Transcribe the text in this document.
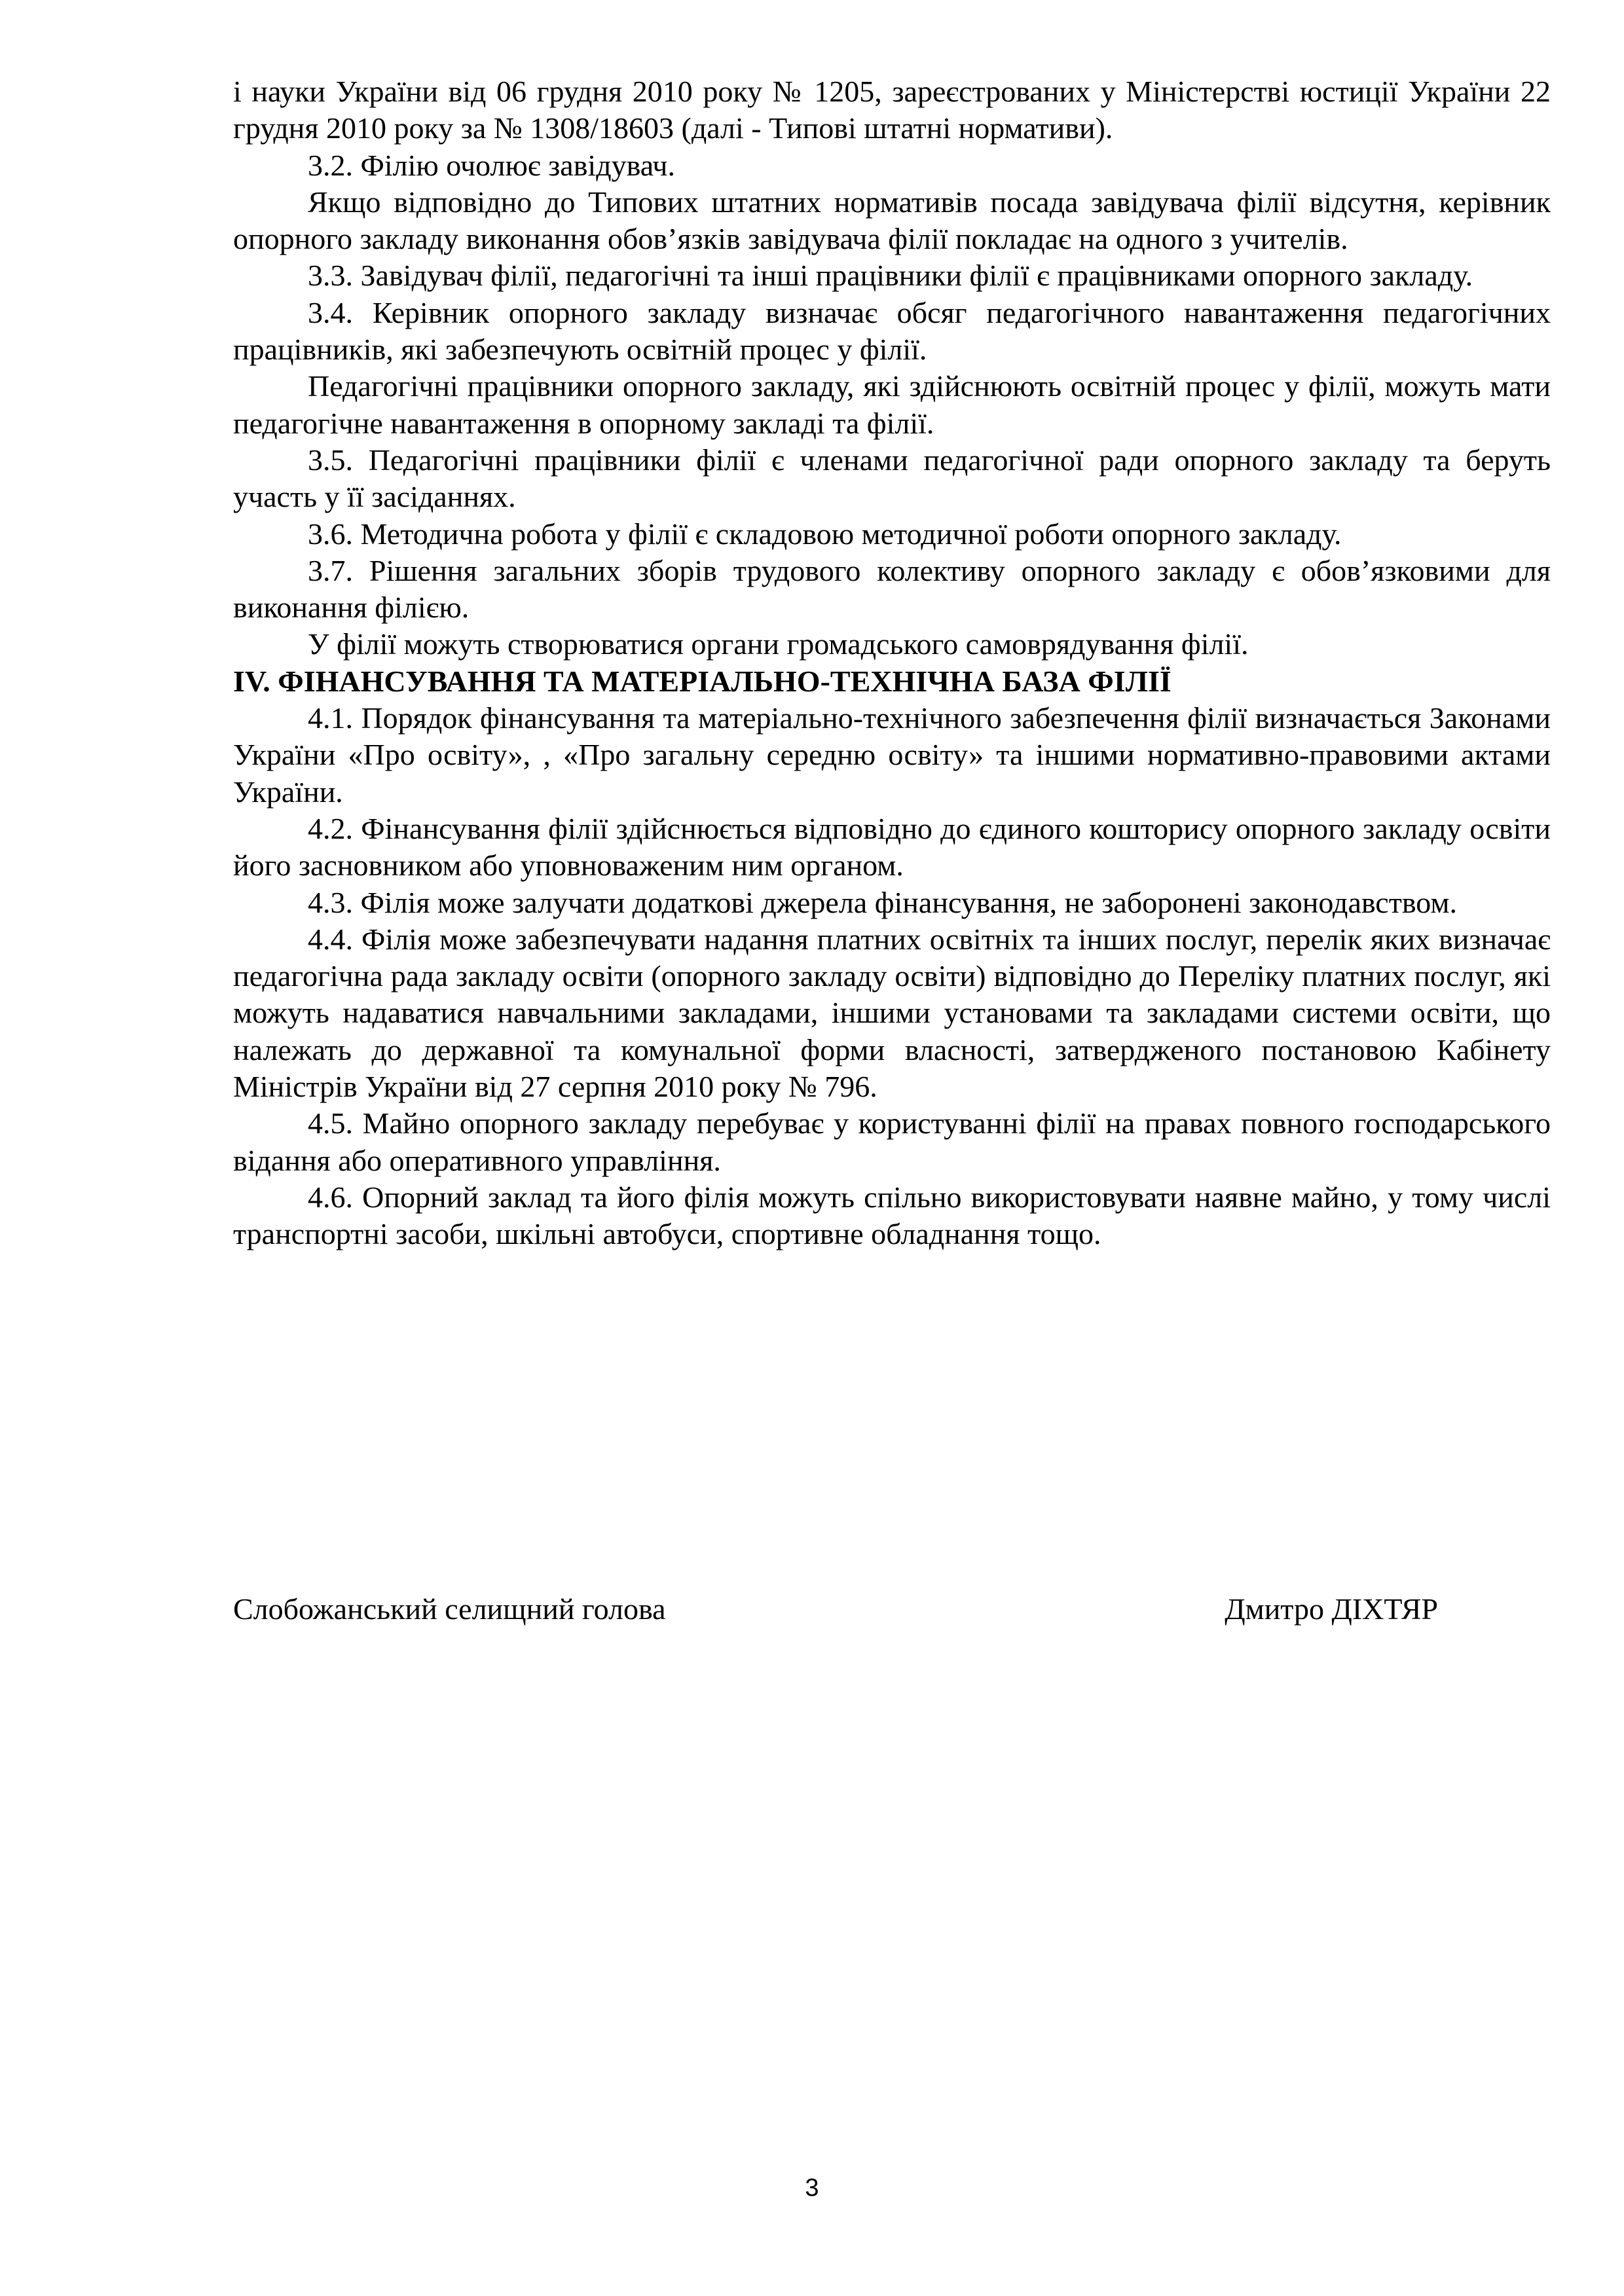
і науки України від 06 грудня 2010 року № 1205, зареєстрованих у Міністерстві юстиції України 22 грудня 2010 року за № 1308/18603 (далі - Типові штатні нормативи).

3.2. Філію очолює завідувач.

Якщо відповідно до Типових штатних нормативів посада завідувача філії відсутня, керівник опорного закладу виконання обов’язків завідувача філії покладає на одного з учителів.

3.3. Завідувач філії, педагогічні та інші працівники філії є працівниками опорного закладу.

3.4. Керівник опорного закладу визначає обсяг педагогічного навантаження педагогічних працівників, які забезпечують освітній процес у філії.

Педагогічні працівники опорного закладу, які здійснюють освітній процес у філії, можуть мати педагогічне навантаження в опорному закладі та філії.

3.5. Педагогічні працівники філії є членами педагогічної ради опорного закладу та беруть участь у її засіданнях.

3.6. Методична робота у філії є складовою методичної роботи опорного закладу.

3.7. Рішення загальних зборів трудового колективу опорного закладу є обов’язковими для виконання філією.

У філії можуть створюватися органи громадського самоврядування філії.

IV. ФІНАНСУВАННЯ ТА МАТЕРІАЛЬНО-ТЕХНІЧНА БАЗА ФІЛІЇ

4.1. Порядок фінансування та матеріально-технічного забезпечення філії визначається Законами України «Про освіту», , «Про загальну середню освіту» та іншими нормативно-правовими актами України.

4.2. Фінансування філії здійснюється відповідно до єдиного кошторису опорного закладу освіти його засновником або уповноваженим ним органом.

4.3. Філія може залучати додаткові джерела фінансування, не заборонені законодавством.

4.4. Філія може забезпечувати надання платних освітніх та інших послуг, перелік яких визначає педагогічна рада закладу освіти (опорного закладу освіти) відповідно до Переліку платних послуг, які можуть надаватися навчальними закладами, іншими установами та закладами системи освіти, що належать до державної та комунальної форми власності, затвердженого постановою Кабінету Міністрів України від 27 серпня 2010 року № 796.

4.5. Майно опорного закладу перебуває у користуванні філії на правах повного господарського відання або оперативного управління.

4.6. Опорний заклад та його філія можуть спільно використовувати наявне майно, у тому числі транспортні засоби, шкільні автобуси, спортивне обладнання тощо.

Слобожанський селищний голова	Дмитро ДІХТЯР
3
